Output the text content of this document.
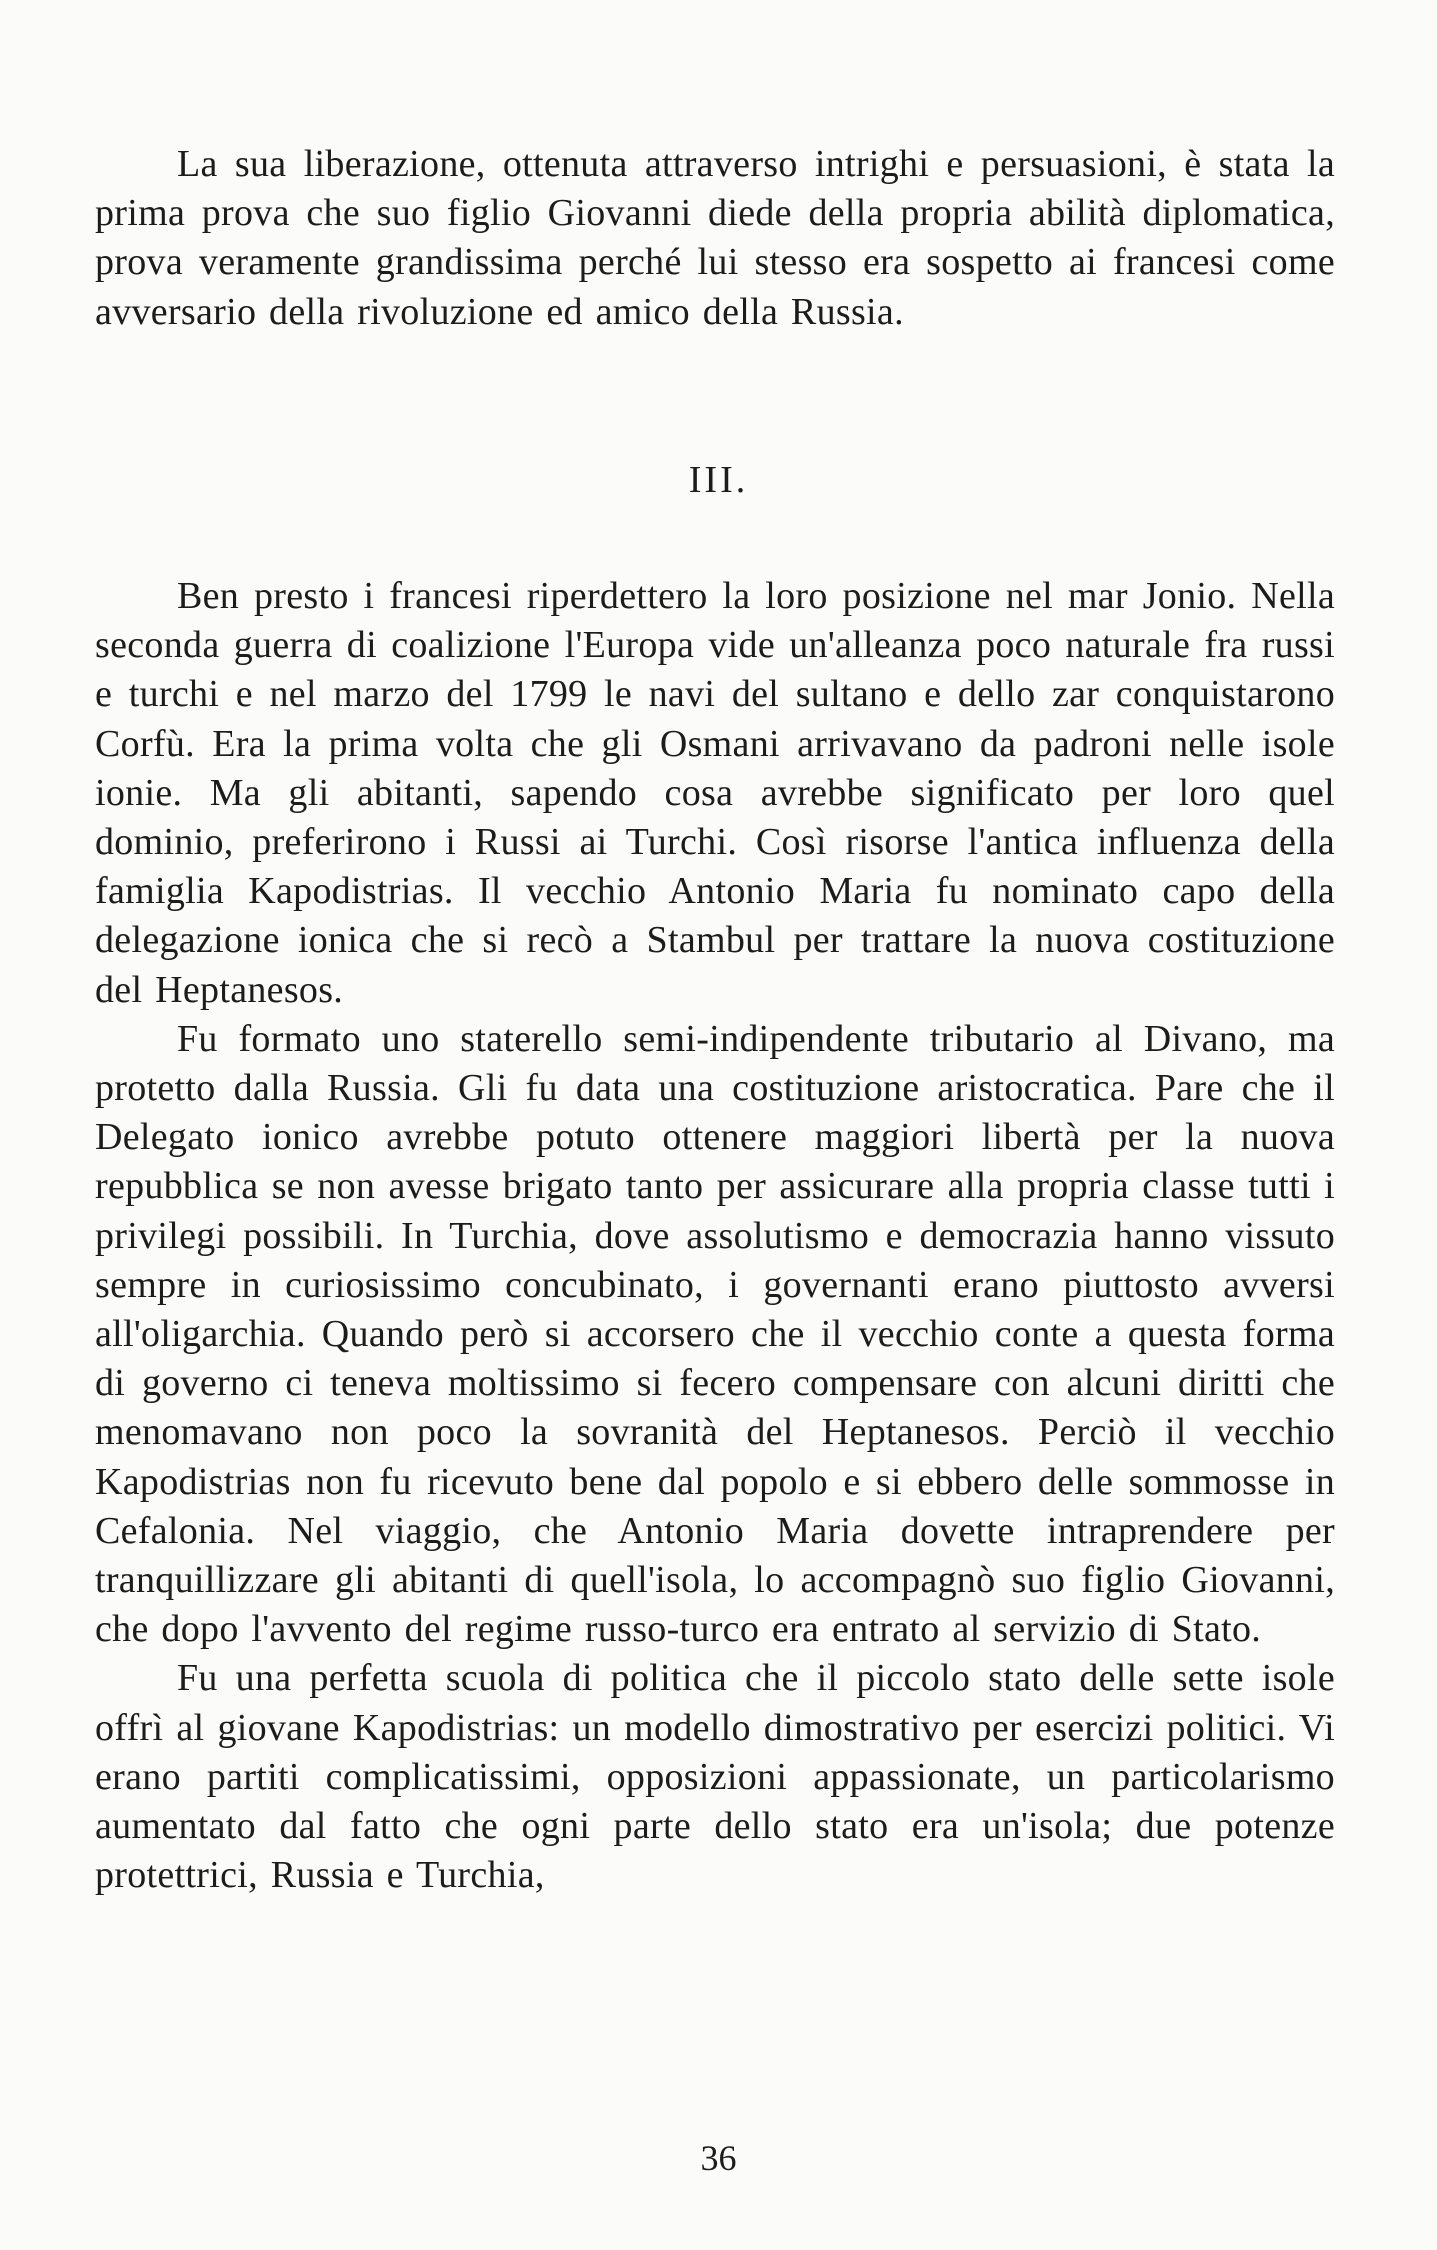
La sua liberazione, ottenuta attraverso intrighi e persuasioni, è stata la prima prova che suo figlio Giovanni diede della propria abilità diplomatica, prova veramente grandissima perché lui stesso era sospetto ai francesi come avversario della rivoluzione ed amico della Russia.

III.

Ben presto i francesi riperdettero la loro posizione nel mar Jonio. Nella seconda guerra di coalizione l'Europa vide un'alleanza poco naturale fra russi e turchi e nel marzo del 1799 le navi del sultano e dello zar conquistarono Corfù. Era la prima volta che gli Osmani arrivavano da padroni nelle isole ionie. Ma gli abitanti, sapendo cosa avrebbe significato per loro quel dominio, preferirono i Russi ai Turchi. Così risorse l'antica influenza della famiglia Kapodistrias. Il vecchio Antonio Maria fu nominato capo della delegazione ionica che si recò a Stambul per trattare la nuova costituzione del Heptanesos.

Fu formato uno staterello semi-indipendente tributario al Divano, ma protetto dalla Russia. Gli fu data una costituzione aristocratica. Pare che il Delegato ionico avrebbe potuto ottenere maggiori libertà per la nuova repubblica se non avesse brigato tanto per assicurare alla propria classe tutti i privilegi possibili. In Turchia, dove assolutismo e democrazia hanno vissuto sempre in curiosissimo concubinato, i governanti erano piuttosto avversi all'oligarchia. Quando però si accorsero che il vecchio conte a questa forma di governo ci teneva moltissimo si fecero compensare con alcuni diritti che menomavano non poco la sovranità del Heptanesos. Perciò il vecchio Kapodistrias non fu ricevuto bene dal popolo e si ebbero delle sommosse in Cefalonia. Nel viaggio, che Antonio Maria dovette intraprendere per tranquillizzare gli abitanti di quell'isola, lo accompagnò suo figlio Giovanni, che dopo l'avvento del regime russo-turco era entrato al servizio di Stato.

Fu una perfetta scuola di politica che il piccolo stato delle sette isole offrì al giovane Kapodistrias: un modello dimostrativo per esercizi politici. Vi erano partiti complicatissimi, opposizioni appassionate, un particolarismo aumentato dal fatto che ogni parte dello stato era un'isola; due potenze protettrici, Russia e Turchia,

36
